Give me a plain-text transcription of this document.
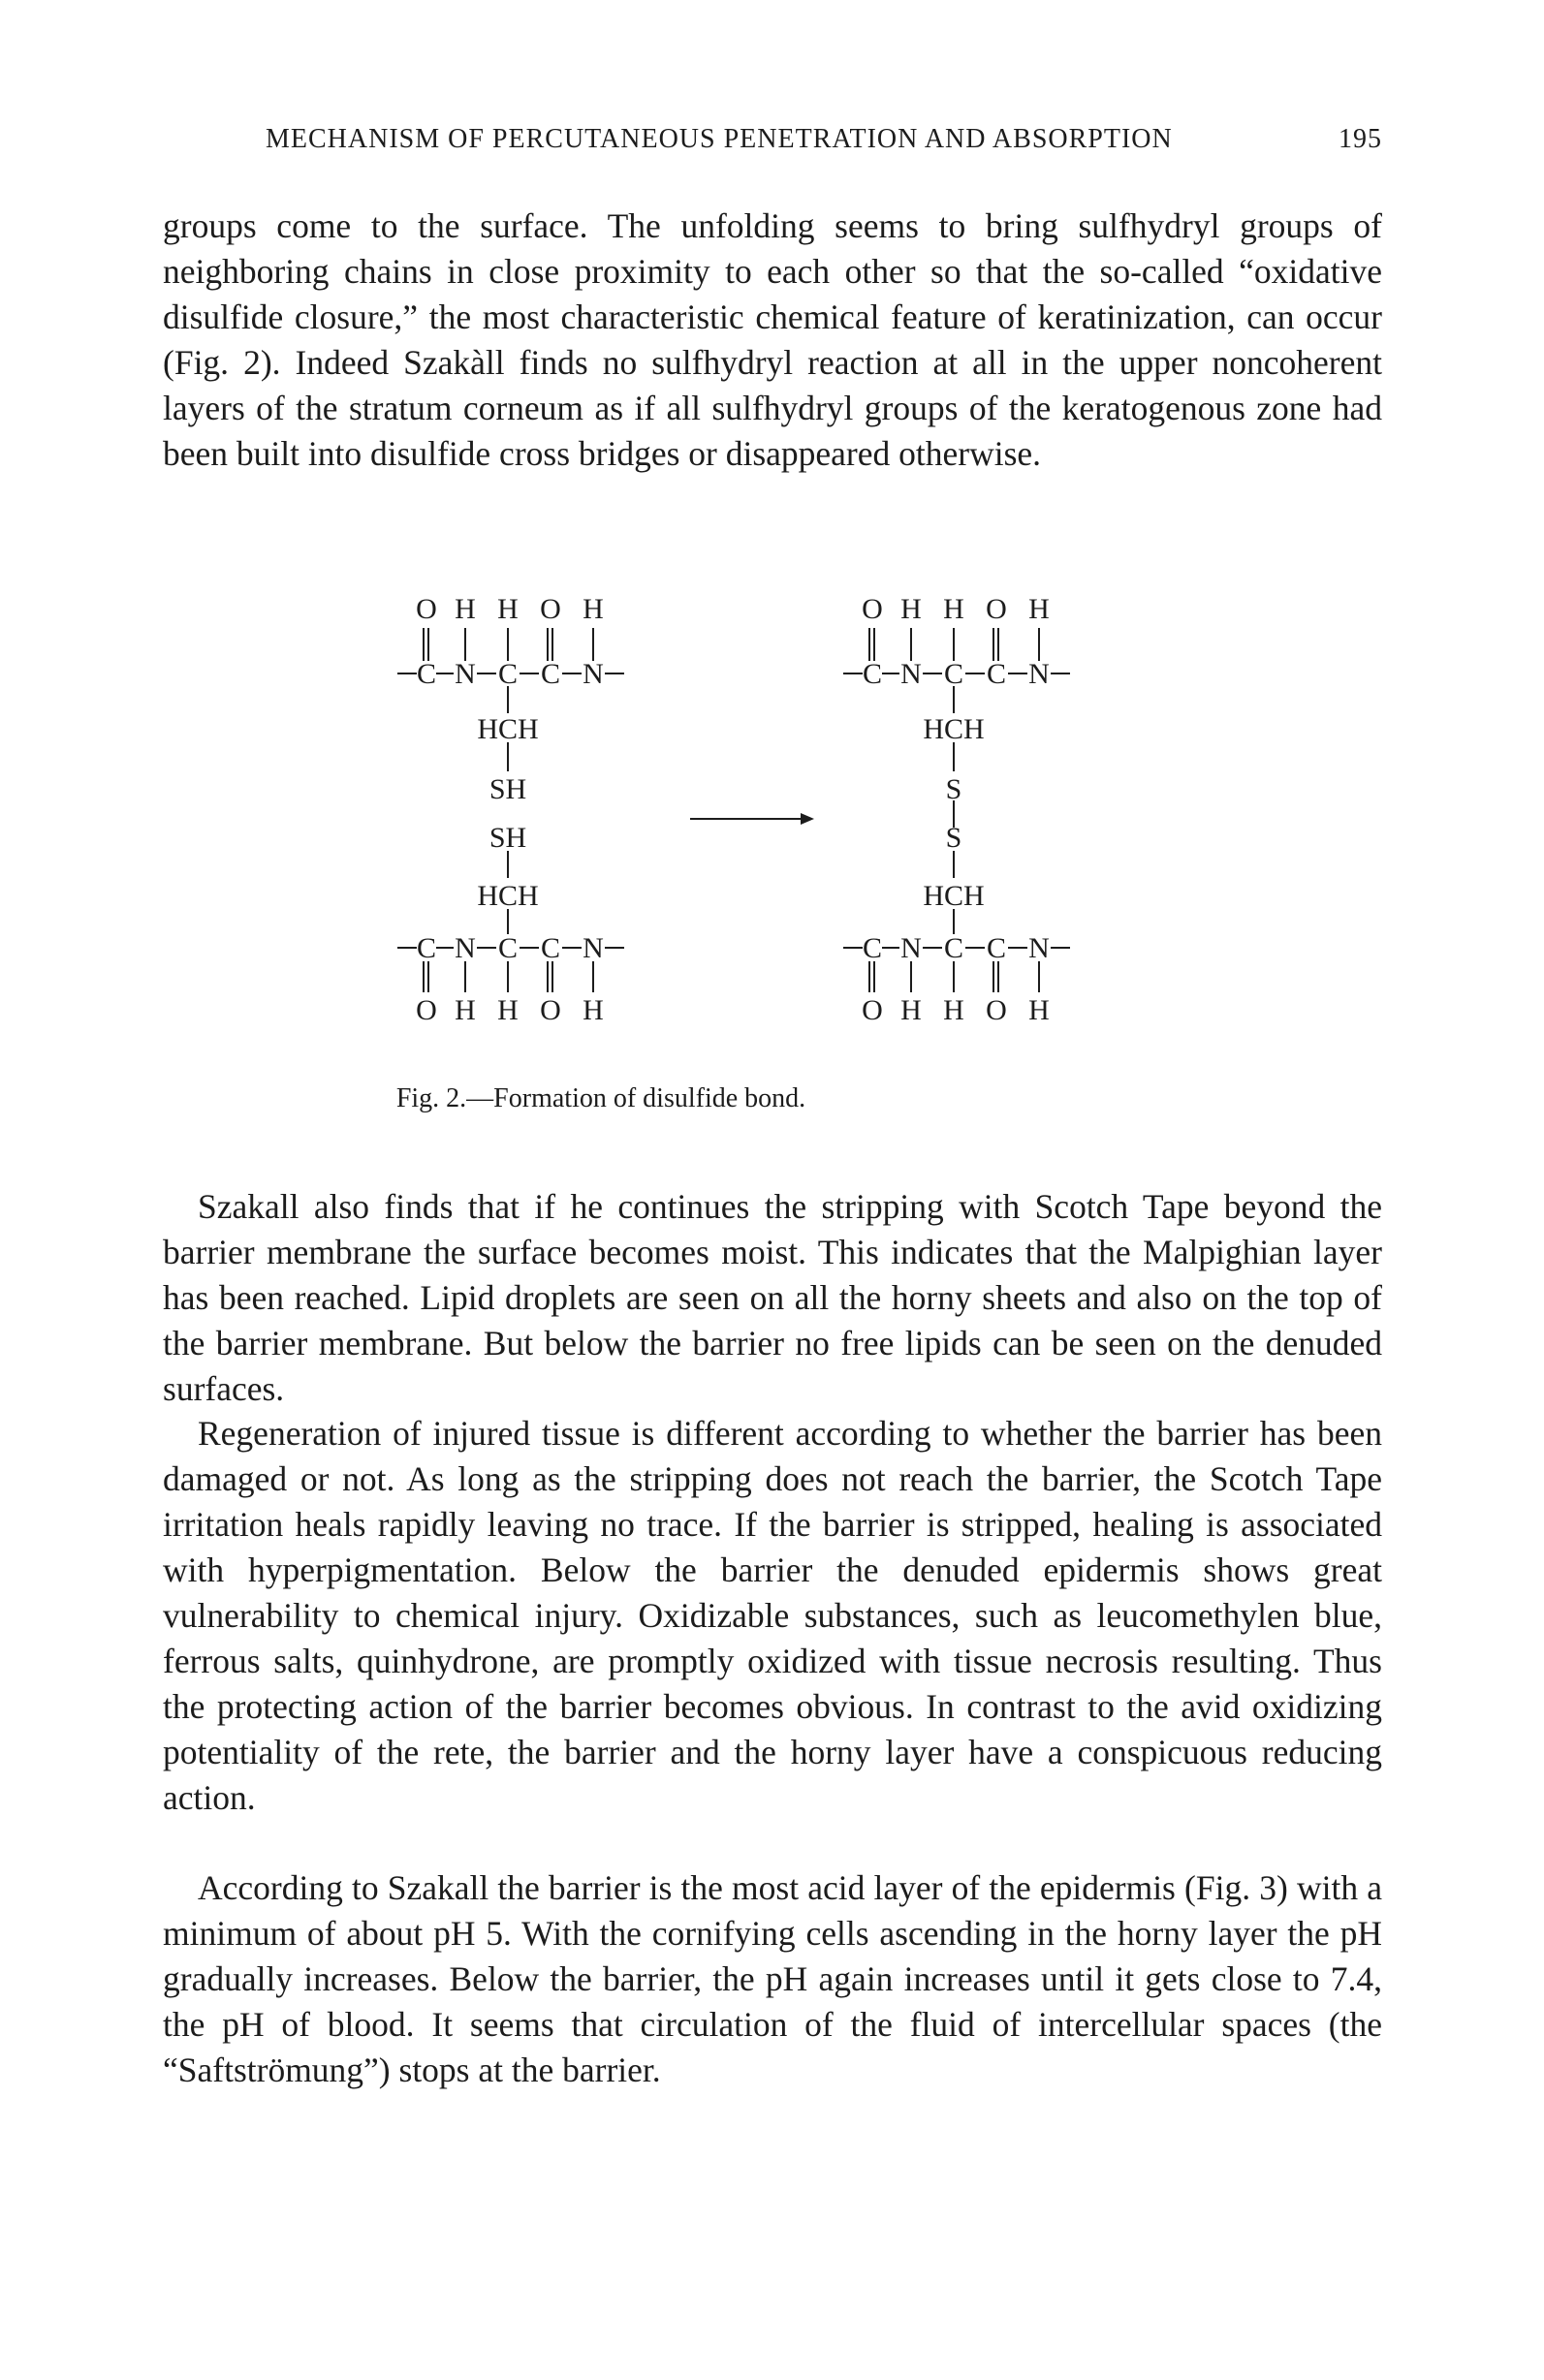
MECHANISM OF PERCUTANEOUS PENETRATION AND ABSORPTION	195

groups come to the surface. The unfolding seems to bring sulfhydryl groups of neighboring chains in close proximity to each other so that the so-called “oxidative disulfide closure,” the most characteristic chemical feature of keratinization, can occur (Fig. 2). Indeed Szakàll finds no sulfhydryl reaction at all in the upper noncoherent layers of the stratum corneum as if all sulfhydryl groups of the keratogenous zone had been built into disulfide cross bridges or disappeared otherwise.

O H H O H
C N C C N
HCH
SH
SH
HCH
C N C C N
O H H O H
O H H O H
C N C C N
HCH
S
S
HCH
C N C C N
O H H O H
Fig. 2.—Formation of disulfide bond.

Szakall also finds that if he continues the stripping with Scotch Tape beyond the barrier membrane the surface becomes moist. This indicates that the Malpighian layer has been reached. Lipid droplets are seen on all the horny sheets and also on the top of the barrier membrane. But below the barrier no free lipids can be seen on the denuded surfaces.

Regeneration of injured tissue is different according to whether the barrier has been damaged or not. As long as the stripping does not reach the barrier, the Scotch Tape irritation heals rapidly leaving no trace. If the barrier is stripped, healing is associated with hyperpigmentation. Below the barrier the denuded epidermis shows great vulnerability to chemical injury. Oxidizable substances, such as leucomethylen blue, ferrous salts, quinhydrone, are promptly oxidized with tissue necrosis resulting. Thus the protecting action of the barrier becomes obvious. In contrast to the avid oxidizing potentiality of the rete, the barrier and the horny layer have a conspicuous reducing action.

According to Szakall the barrier is the most acid layer of the epidermis (Fig. 3) with a minimum of about pH 5. With the cornifying cells ascending in the horny layer the pH gradually increases. Below the barrier, the pH again increases until it gets close to 7.4, the pH of blood. It seems that circulation of the fluid of intercellular spaces (the “Saftströmung”) stops at the barrier.
